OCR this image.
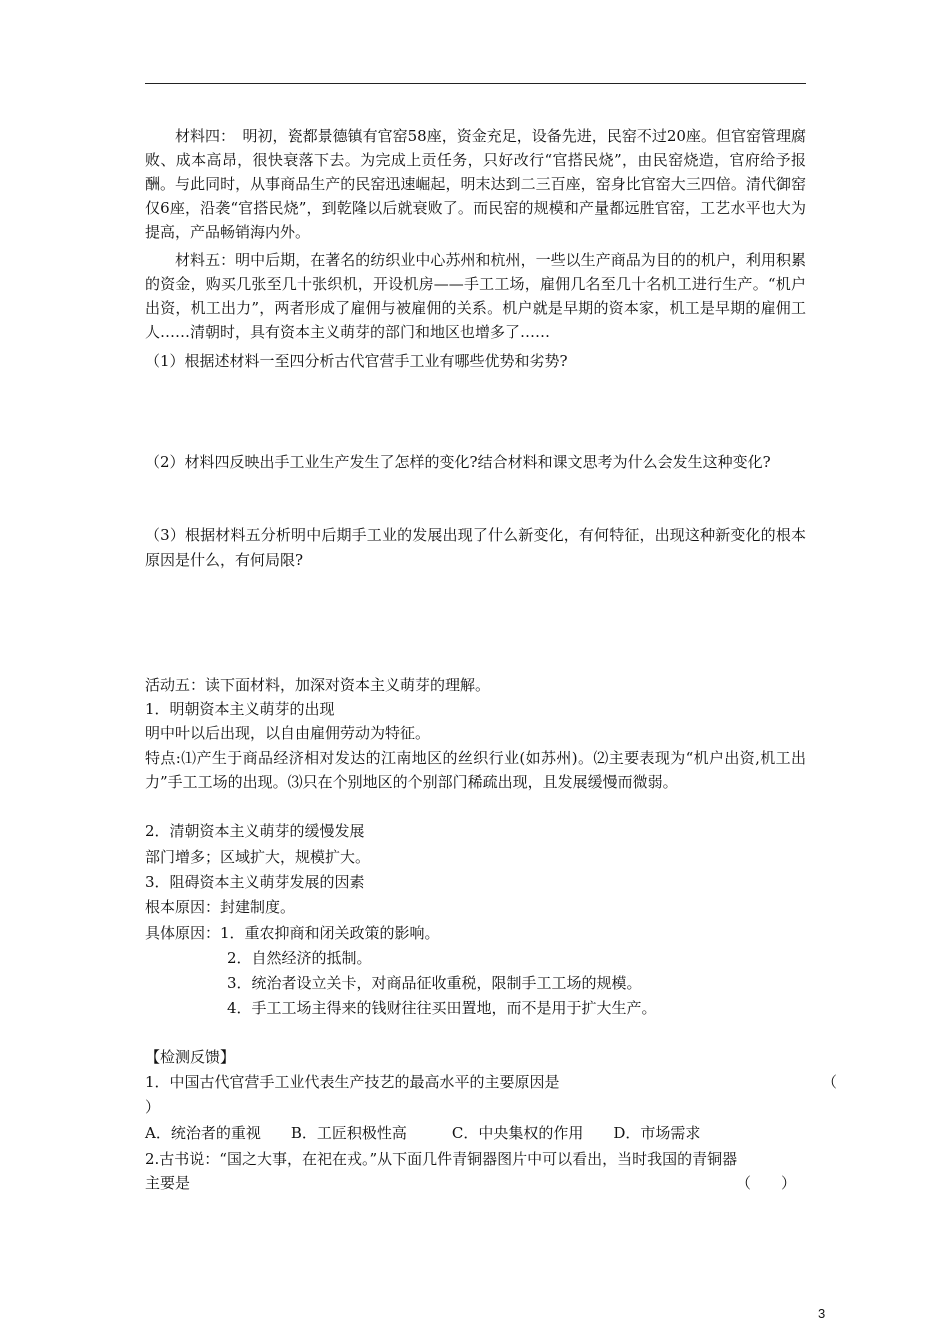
材料四：　明初，瓷都景德镇有官窑58座，资金充足，设备先进，民窑不过20座。但官窑管理腐败、成本高昂，很快衰落下去。为完成上贡任务，只好改行“官搭民烧”，由民窑烧造，官府给予报酬。与此同时，从事商品生产的民窑迅速崛起，明末达到二三百座，窑身比官窑大三四倍。清代御窑仅6座，沿袭“官搭民烧”，到乾隆以后就衰败了。而民窑的规模和产量都远胜官窑，工艺水平也大为提高，产品畅销海内外。
材料五：明中后期，在著名的纺织业中心苏州和杭州，一些以生产商品为目的的机户，利用积累的资金，购买几张至几十张织机，开设机房——手工工场，雇佣几名至几十名机工进行生产。“机户出资，机工出力”，两者形成了雇佣与被雇佣的关系。机户就是早期的资本家，机工是早期的雇佣工人……清朝时，具有资本主义萌芽的部门和地区也增多了……
（1）根据述材料一至四分析古代官营手工业有哪些优势和劣势?
（2）材料四反映出手工业生产发生了怎样的变化?结合材料和课文思考为什么会发生这种变化?
（3）根据材料五分析明中后期手工业的发展出现了什么新变化，有何特征，出现这种新变化的根本原因是什么，有何局限?
活动五：读下面材料，加深对资本主义萌芽的理解。
1．明朝资本主义萌芽的出现
明中叶以后出现，以自由雇佣劳动为特征。
特点:⑴产生于商品经济相对发达的江南地区的丝织行业(如苏州)。⑵主要表现为“机户出资,机工出力”手工工场的出现。⑶只在个别地区的个别部门稀疏出现，且发展缓慢而微弱。
2．清朝资本主义萌芽的缓慢发展
部门增多；区域扩大，规模扩大。
3．阻碍资本主义萌芽发展的因素
根本原因：封建制度。
具体原因：1．重农抑商和闭关政策的影响。
2．自然经济的抵制。
3．统治者设立关卡，对商品征收重税，限制手工工场的规模。
4．手工工场主得来的钱财往往买田置地，而不是用于扩大生产。
【检测反馈】
1．中国古代官营手工业代表生产技艺的最高水平的主要原因是	（
）
A．统治者的重视　　B．工匠积极性高　　　C．中央集权的作用　　D．市场需求
2.古书说：“国之大事，在祀在戎。”从下面几件青铜器图片中可以看出，当时我国的青铜器
主要是	（　　）
3
